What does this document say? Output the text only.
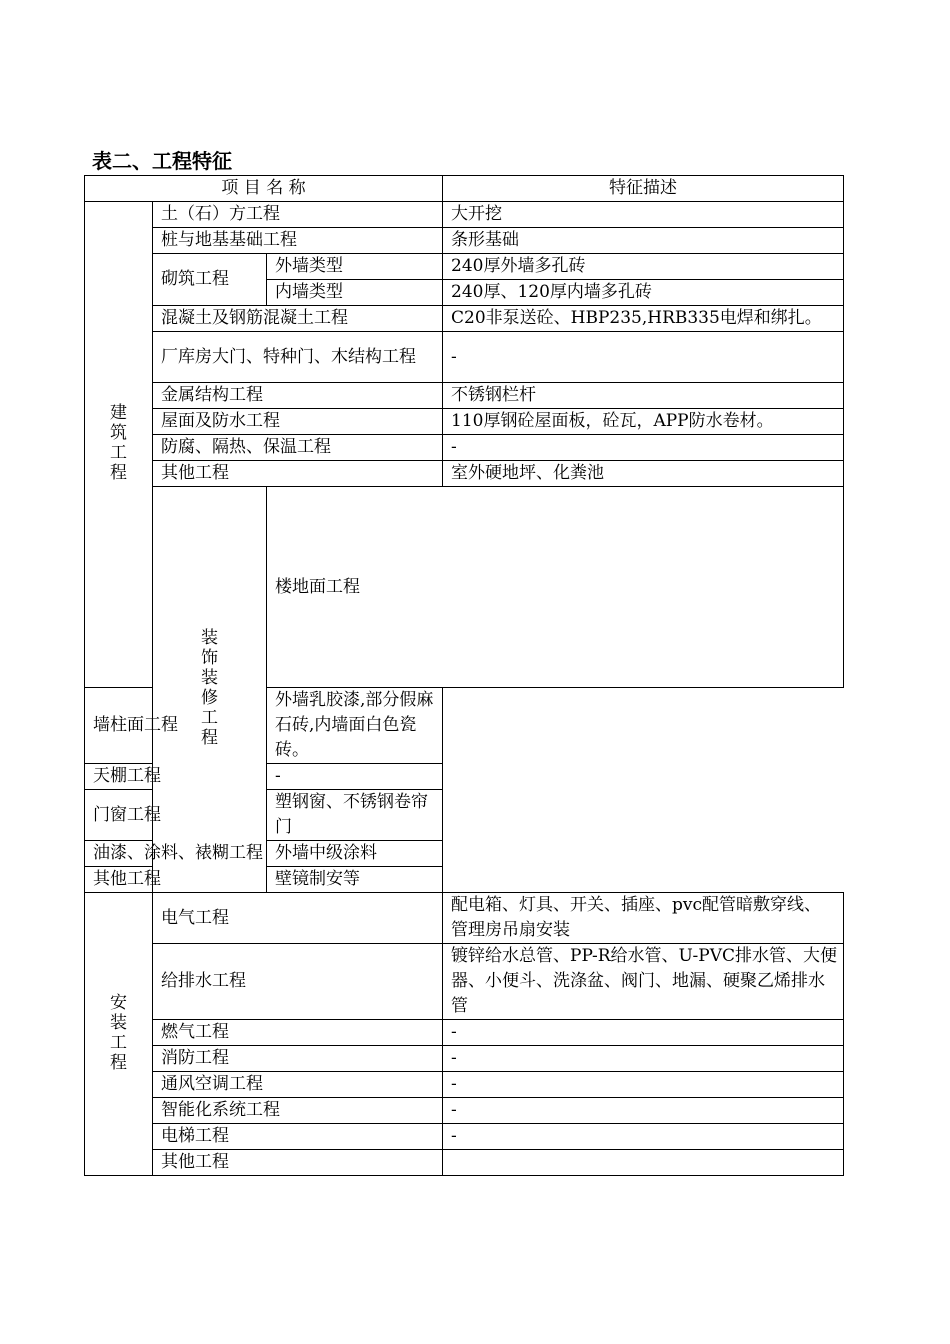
表二、工程特征
项 目 名 称			特征描述	
建筑工程	土（石）方工程		大开挖	
	桩与地基基础工程		条形基础	
	砌筑工程	外墙类型	240厚外墙多孔砖	
		内墙类型	240厚、120厚内墙多孔砖	
	混凝土及钢筋混凝土工程		C20非泵送砼、HBP235,HRB335电焊和绑扎。	
	厂库房大门、特种门、木结构工程		-	
	金属结构工程		不锈钢栏杆	
	屋面及防水工程		110厚钢砼屋面板，砼瓦，APP防水卷材。	
	防腐、隔热、保温工程		-	
	其他工程		室外硬地坪、化粪池	
	装饰装修工程	楼地面工程	
墙柱面工程		外墙乳胶漆,部分假麻石砖,内墙面白色瓷砖。		
天棚工程		-		
门窗工程		塑钢窗、不锈钢卷帘门		
油漆、涂料、裱糊工程		外墙中级涂料		
其他工程		壁镜制安等		
安装工程	电气工程		配电箱、灯具、开关、插座、pvc配管暗敷穿线、管理房吊扇安装	
	给排水工程		镀锌给水总管、PP-R给水管、U-PVC排水管、大便器、小便斗、洗涤盆、阀门、地漏、硬聚乙烯排水管	
	燃气工程		-	
	消防工程		-	
	通风空调工程		-	
	智能化系统工程		-	
	电梯工程		-	
	其他工程			
